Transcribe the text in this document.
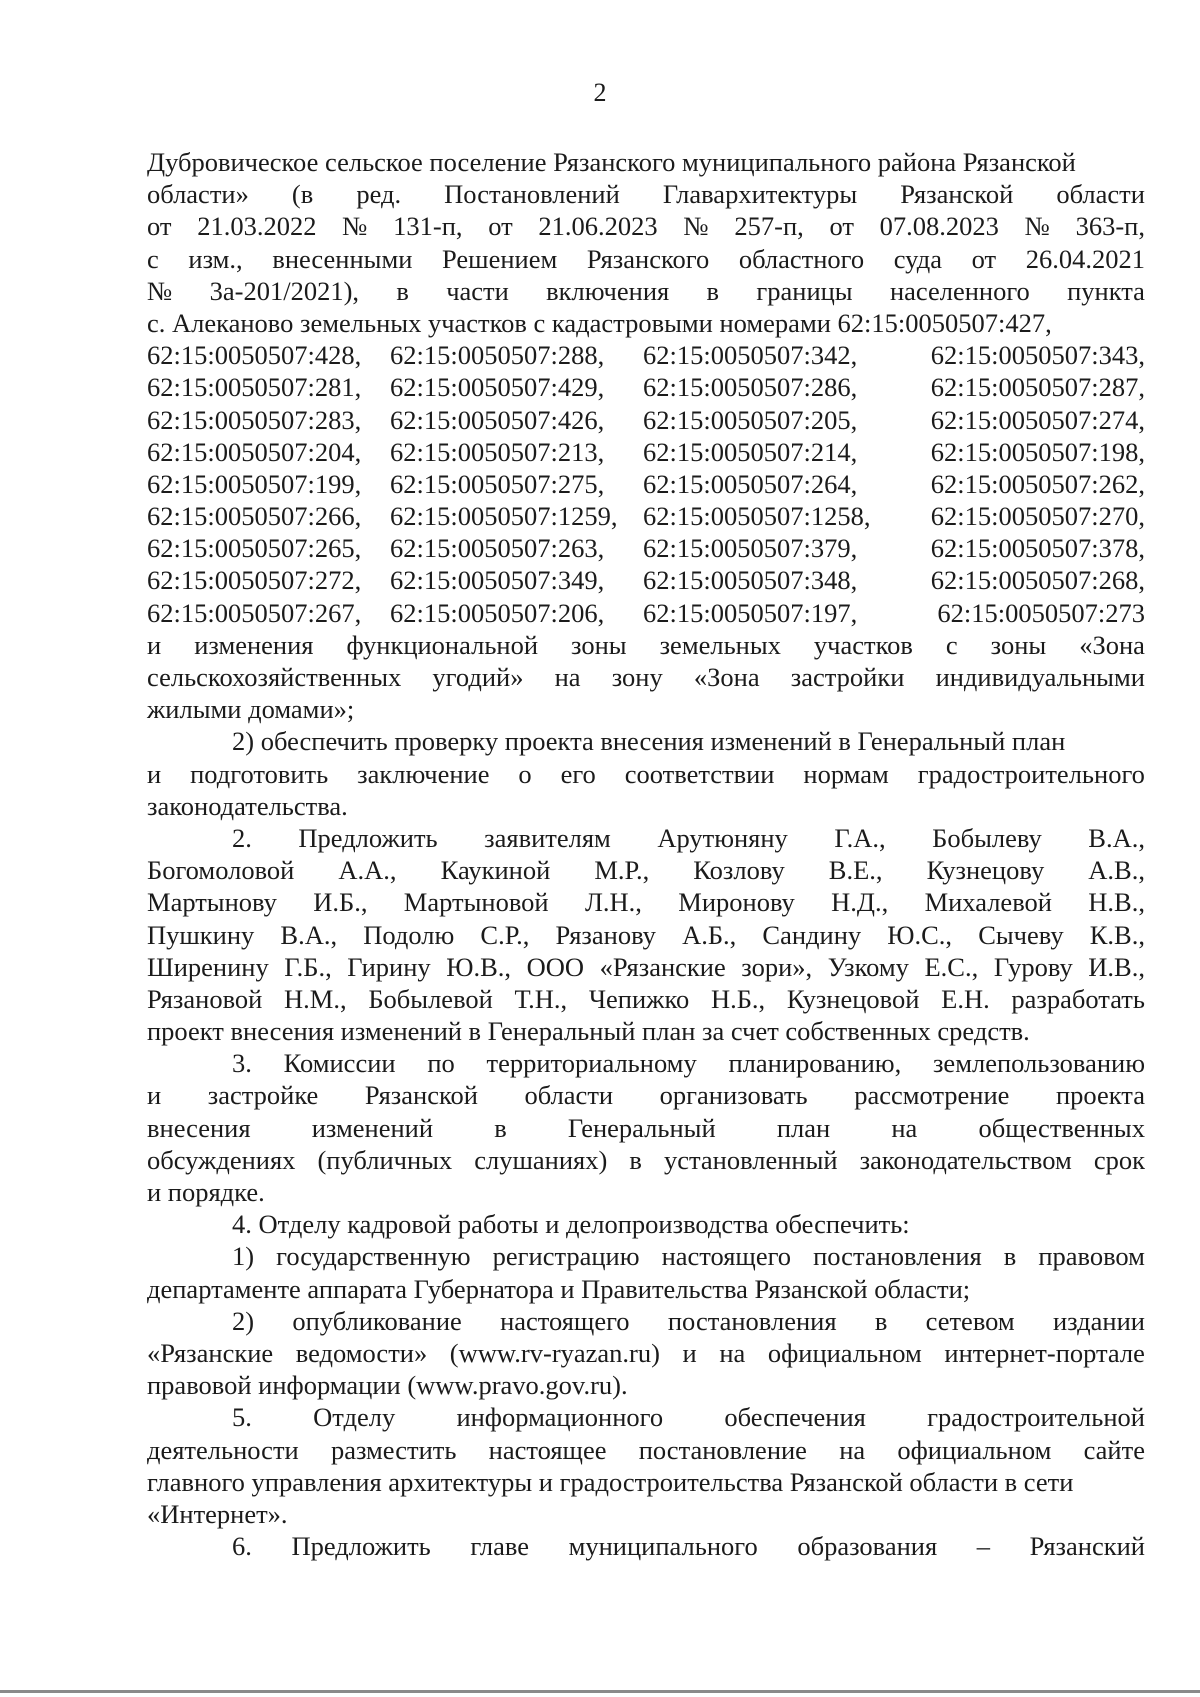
2
Дубровичеcкое сельское поселение Рязанского муниципального района Рязанской
области» (в ред. Постановлений Главархитектуры Рязанской области
от 21.03.2022 № 131-п, от 21.06.2023 № 257-п, от 07.08.2023 № 363-п,
с изм., внесенными Решением Рязанского областного суда от 26.04.2021
№ 3а-201/2021), в части включения в границы населенного пункта
с. Алеканово земельных участков с кадастровыми номерами 62:15:0050507:427,
62:15:0050507:428,	62:15:0050507:288,	62:15:0050507:342,	62:15:0050507:343,
62:15:0050507:281,	62:15:0050507:429,	62:15:0050507:286,	62:15:0050507:287,
62:15:0050507:283,	62:15:0050507:426,	62:15:0050507:205,	62:15:0050507:274,
62:15:0050507:204,	62:15:0050507:213,	62:15:0050507:214,	62:15:0050507:198,
62:15:0050507:199,	62:15:0050507:275,	62:15:0050507:264,	62:15:0050507:262,
62:15:0050507:266,	62:15:0050507:1259, 62:15:0050507:1258,	62:15:0050507:270,
62:15:0050507:265,	62:15:0050507:263,	62:15:0050507:379,	62:15:0050507:378,
62:15:0050507:272,	62:15:0050507:349,	62:15:0050507:348,	62:15:0050507:268,
62:15:0050507:267,	62:15:0050507:206,	62:15:0050507:197,	62:15:0050507:273
и изменения функциональной зоны земельных участков с зоны «Зона
сельскохозяйственных угодий» на зону «Зона застройки индивидуальными
жилыми домами»;
2) обеспечить проверку проекта внесения изменений в Генеральный план
и подготовить заключение о его соответствии нормам градостроительного
законодательства.
2. Предложить заявителям Арутюняну Г.А., Бобылеву В.А.,
Богомоловой А.А., Каукиной М.Р., Козлову В.Е., Кузнецову А.В.,
Мартынову И.Б., Мартыновой Л.Н., Миронову Н.Д., Михалевой Н.В.,
Пушкину В.А., Подолю С.Р., Рязанову А.Б., Сандину Ю.С., Сычеву К.В.,
Ширенину Г.Б., Гирину Ю.В., ООО «Рязанские зори», Узкому Е.С., Гурову И.В.,
Рязановой Н.М., Бобылевой Т.Н., Чепижко Н.Б., Кузнецовой Е.Н. разработать
проект внесения изменений в Генеральный план за счет собственных средств.
3. Комиссии по территориальному планированию, землепользованию
и застройке Рязанской области организовать рассмотрение проекта
внесения изменений в Генеральный план на общественных
обсуждениях (публичных слушаниях) в установленный законодательством срок
и порядке.
4. Отделу кадровой работы и делопроизводства обеспечить:
1) государственную регистрацию настоящего постановления в правовом
департаменте аппарата Губернатора и Правительства Рязанской области;
2) опубликование настоящего постановления в сетевом издании
«Рязанские ведомости» (www.rv-ryazan.ru) и на официальном интернет-портале
правовой информации (www.pravo.gov.ru).
5. Отделу информационного обеспечения градостроительной
деятельности разместить настоящее постановление на официальном сайте
главного управления архитектуры и градостроительства Рязанской области в сети
«Интернет».
6. Предложить главе муниципального образования – Рязанский
